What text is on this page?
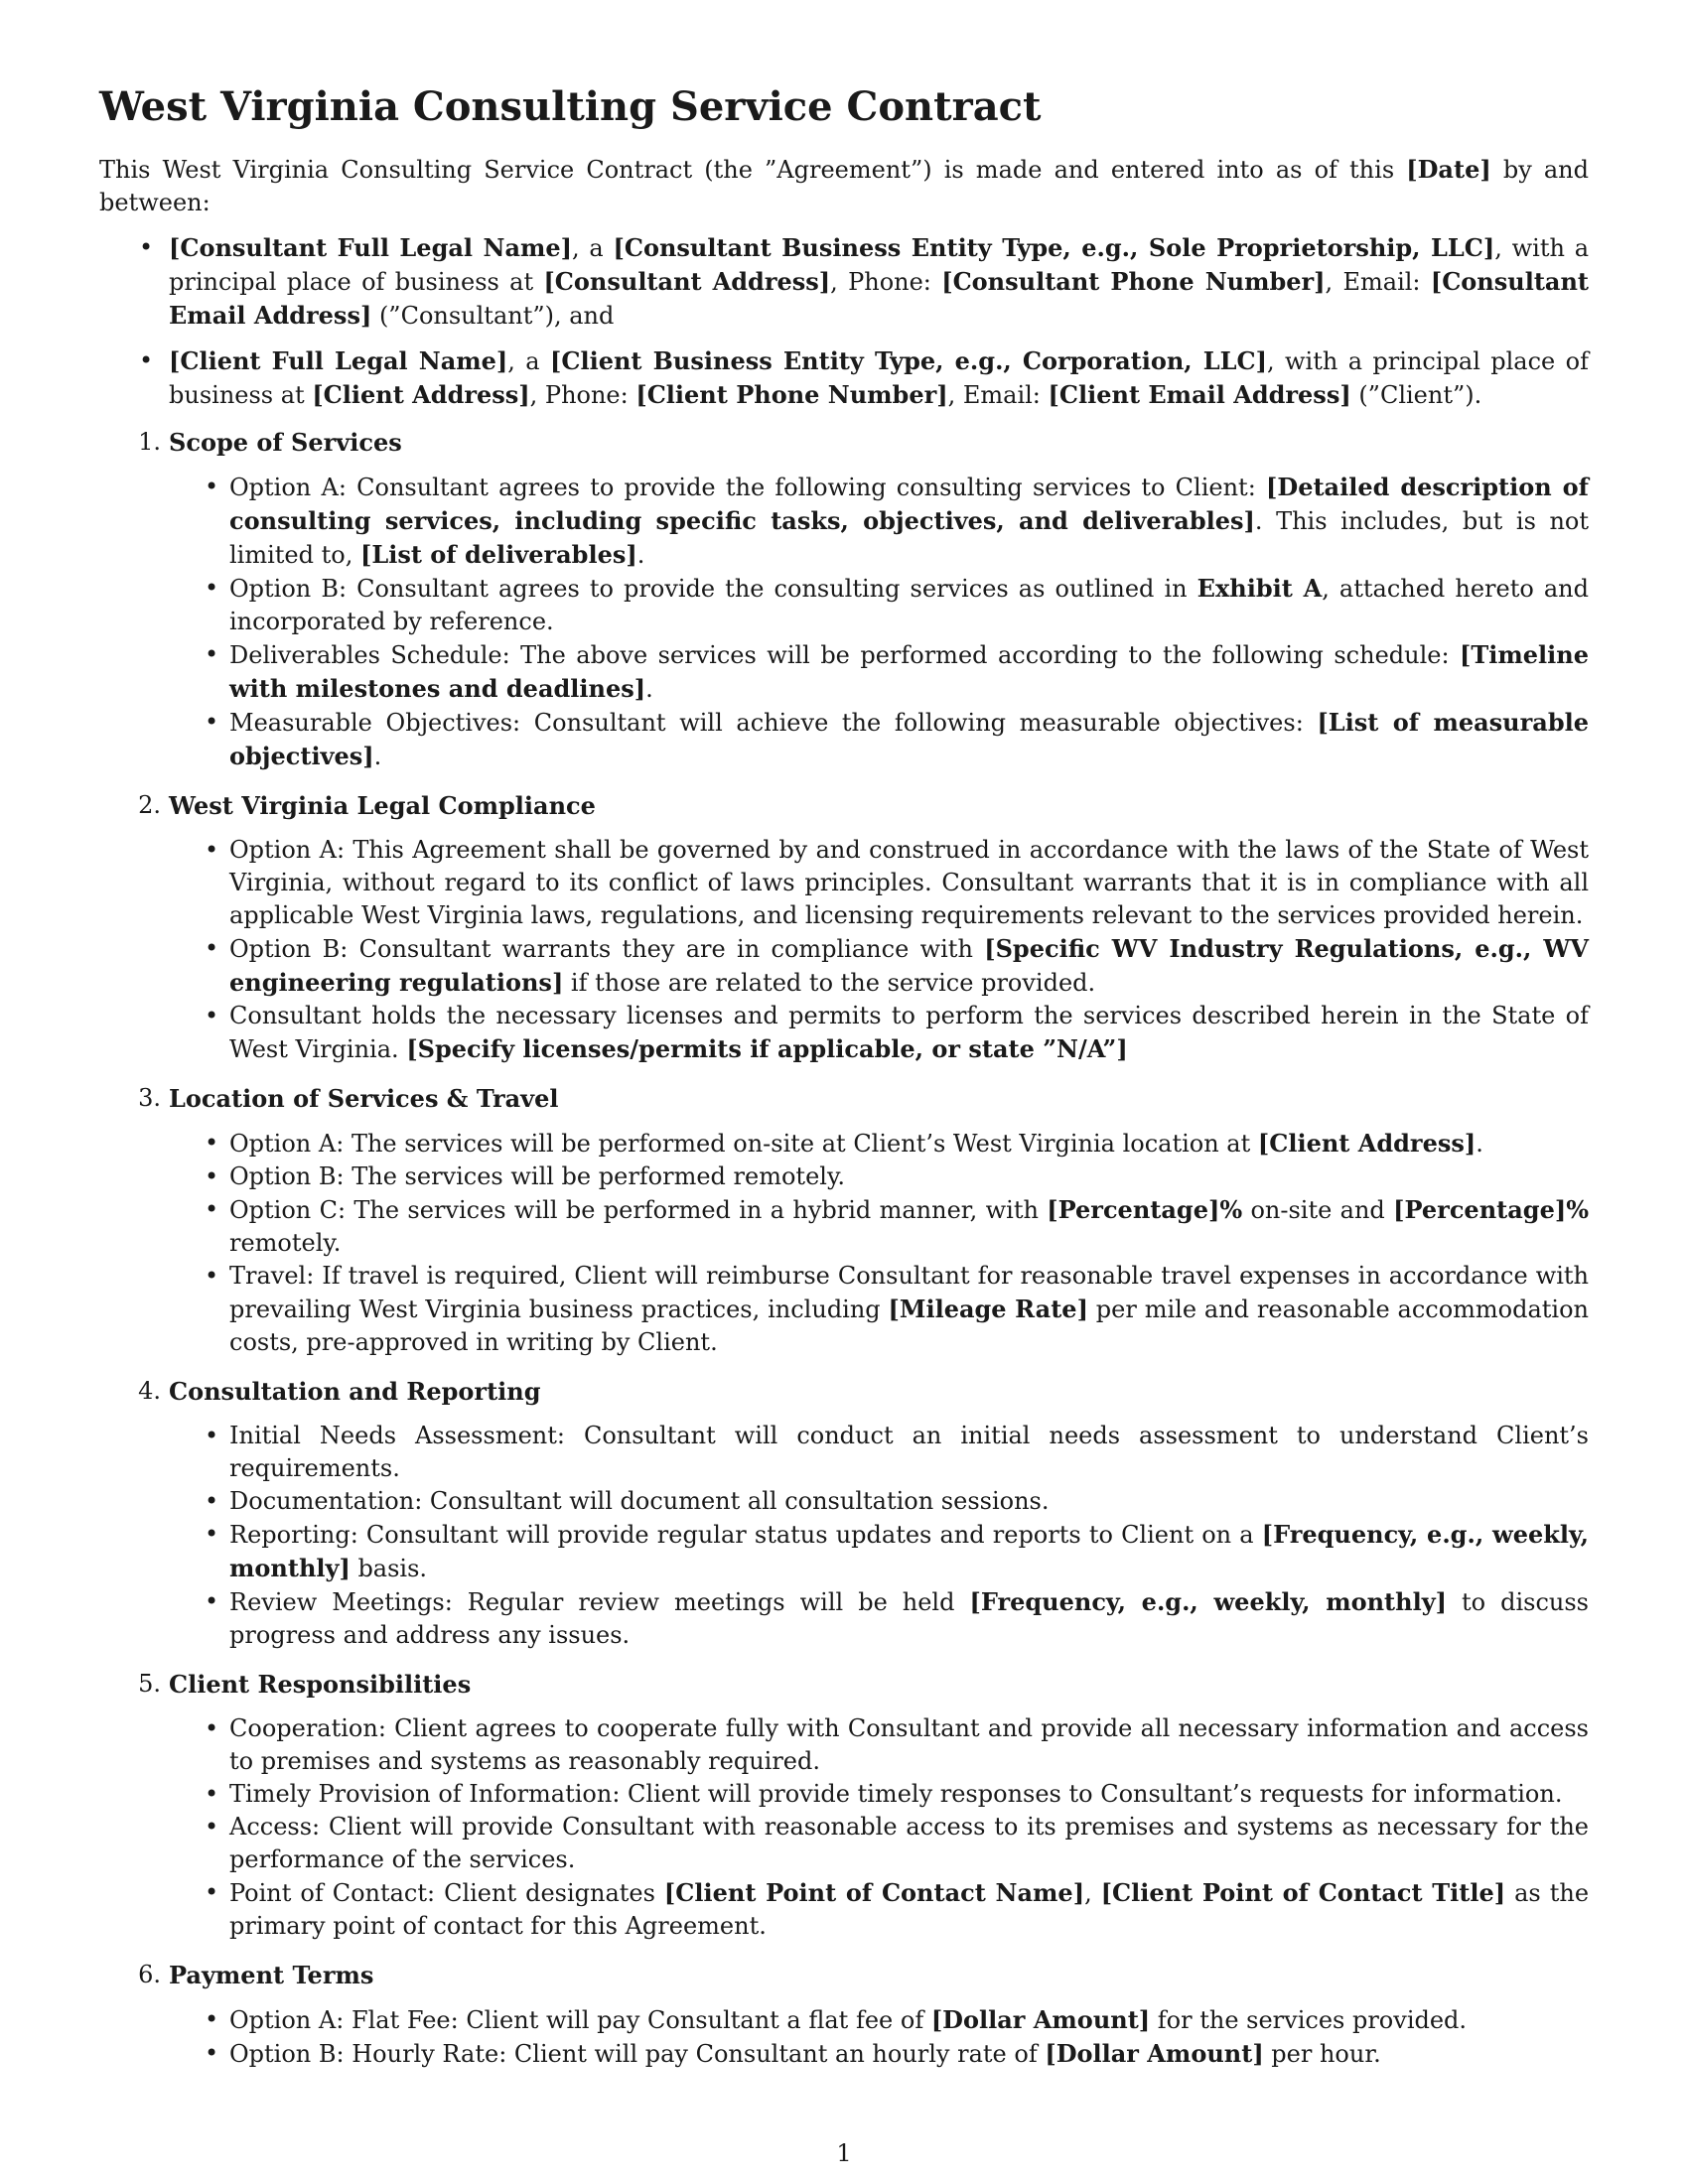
West Virginia Consulting Service Contract

This West Virginia Consulting Service Contract (the ”Agreement”) is made and entered into as of this [Date] by and between:

• [Consultant Full Legal Name], a [Consultant Business Entity Type, e.g., Sole Proprietorship, LLC], with a principal place of business at [Consultant Address], Phone: [Consultant Phone Number], Email: [Consultant Email Address] (”Consultant”), and
• [Client Full Legal Name], a [Client Business Entity Type, e.g., Corporation, LLC], with a principal place of business at [Client Address], Phone: [Client Phone Number], Email: [Client Email Address] (”Client”).
1. Scope of Services
• Option A: Consultant agrees to provide the following consulting services to Client: [Detailed description of consulting services, including specific tasks, objectives, and deliverables]. This includes, but is not limited to, [List of deliverables].
• Option B: Consultant agrees to provide the consulting services as outlined in Exhibit A, attached hereto and incorporated by reference.
• Deliverables Schedule: The above services will be performed according to the following schedule: [Timeline with milestones and deadlines].
• Measurable Objectives: Consultant will achieve the following measurable objectives: [List of measurable objectives].
2. West Virginia Legal Compliance
• Option A: This Agreement shall be governed by and construed in accordance with the laws of the State of West Virginia, without regard to its conflict of laws principles. Consultant warrants that it is in compliance with all applicable West Virginia laws, regulations, and licensing requirements relevant to the services provided herein.
• Option B: Consultant warrants they are in compliance with [Specific WV Industry Regulations, e.g., WV engineering regulations] if those are related to the service provided.
• Consultant holds the necessary licenses and permits to perform the services described herein in the State of West Virginia. [Specify licenses/permits if applicable, or state ”N/A”]
3. Location of Services & Travel
• Option A: The services will be performed on-site at Client’s West Virginia location at [Client Address].
• Option B: The services will be performed remotely.
• Option C: The services will be performed in a hybrid manner, with [Percentage]% on-site and [Percentage]% remotely.
• Travel: If travel is required, Client will reimburse Consultant for reasonable travel expenses in accordance with prevailing West Virginia business practices, including [Mileage Rate] per mile and reasonable accommodation costs, pre-approved in writing by Client.
4. Consultation and Reporting
• Initial Needs Assessment: Consultant will conduct an initial needs assessment to understand Client’s requirements.
• Documentation: Consultant will document all consultation sessions.
• Reporting: Consultant will provide regular status updates and reports to Client on a [Frequency, e.g., weekly, monthly] basis.
• Review Meetings: Regular review meetings will be held [Frequency, e.g., weekly, monthly] to discuss progress and address any issues.
5. Client Responsibilities
• Cooperation: Client agrees to cooperate fully with Consultant and provide all necessary information and access to premises and systems as reasonably required.
• Timely Provision of Information: Client will provide timely responses to Consultant’s requests for information.
• Access: Client will provide Consultant with reasonable access to its premises and systems as necessary for the performance of the services.
• Point of Contact: Client designates [Client Point of Contact Name], [Client Point of Contact Title] as the primary point of contact for this Agreement.
6. Payment Terms
• Option A: Flat Fee: Client will pay Consultant a flat fee of [Dollar Amount] for the services provided.
• Option B: Hourly Rate: Client will pay Consultant an hourly rate of [Dollar Amount] per hour.
1
